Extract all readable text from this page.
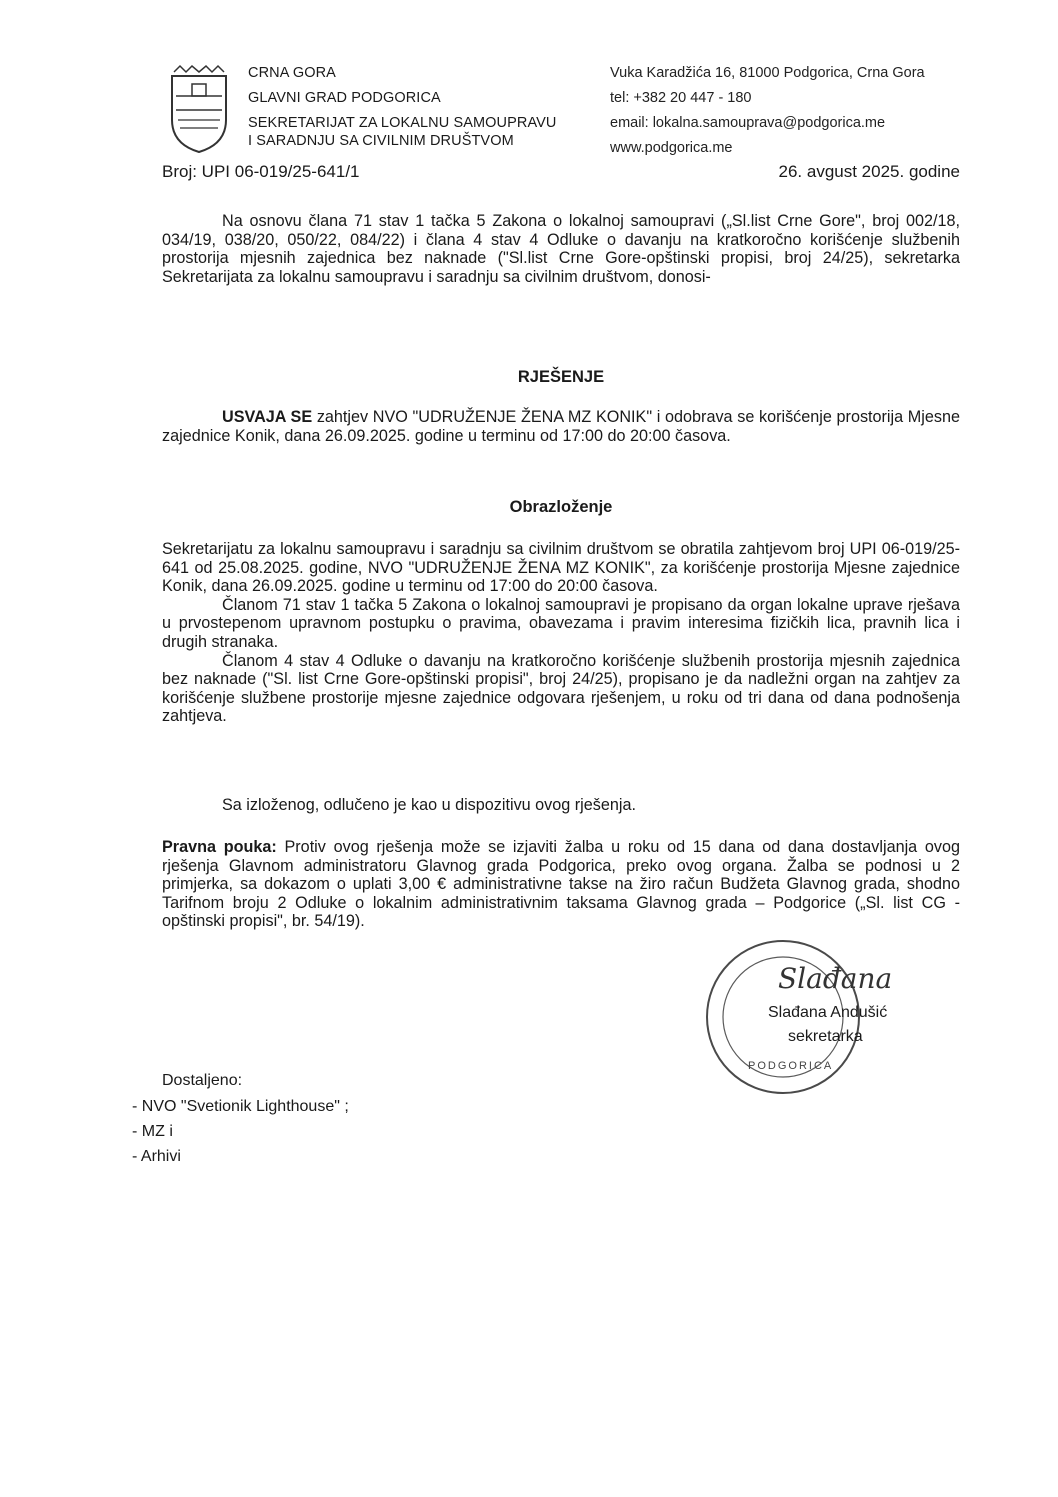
CRNA GORA
GLAVNI GRAD PODGORICA
SEKRETARIJAT ZA LOKALNU SAMOUPRAVU
I SARADNJU SA CIVILNIM DRUŠTVOM
Vuka Karadžića 16, 81000 Podgorica, Crna Gora
tel: +382 20 447 - 180
email: lokalna.samouprava@podgorica.me
www.podgorica.me
Broj: UPI 06-019/25-641/1	26. avgust 2025. godine

Na osnovu člana 71 stav 1 tačka 5 Zakona o lokalnoj samoupravi („Sl.list Crne Gore", broj 002/18, 034/19, 038/20, 050/22, 084/22) i člana 4 stav 4 Odluke o davanju na kratkoročno korišćenje službenih prostorija mjesnih zajednica bez naknade ("Sl.list Crne Gore-opštinski propisi, broj 24/25), sekretarka Sekretarijata za lokalnu samoupravu i saradnju sa civilnim društvom, donosi-

RJEŠENJE

USVAJA SE zahtjev NVO "UDRUŽENJE ŽENA MZ KONIK" i odobrava se korišćenje prostorija Mjesne zajednice Konik, dana 26.09.2025. godine u terminu od 17:00 do 20:00 časova.

Obrazloženje

Sekretarijatu za lokalnu samoupravu i saradnju sa civilnim društvom se obratila zahtjevom broj UPI 06-019/25-641 od 25.08.2025. godine, NVO "UDRUŽENJE ŽENA MZ KONIK", za korišćenje prostorija Mjesne zajednice Konik, dana 26.09.2025. godine u terminu od 17:00 do 20:00 časova.

Članom 71 stav 1 tačka 5 Zakona o lokalnoj samoupravi je propisano da organ lokalne uprave rješava u prvostepenom upravnom postupku o pravima, obavezama i pravim interesima fizičkih lica, pravnih lica i drugih stranaka.

Članom 4 stav 4 Odluke o davanju na kratkoročno korišćenje službenih prostorija mjesnih zajednica bez naknade ("Sl. list Crne Gore-opštinski propisi", broj 24/25), propisano je da nadležni organ na zahtjev za korišćenje službene prostorije mjesne zajednice odgovara rješenjem, u roku od tri dana od dana podnošenja zahtjeva.

Sa izloženog, odlučeno je kao u dispozitivu ovog rješenja.

Pravna pouka: Protiv ovog rješenja može se izjaviti žalba u roku od 15 dana od dana dostavljanja ovog rješenja Glavnom administratoru Glavnog grada Podgorica, preko ovog organa. Žalba se podnosi u 2 primjerka, sa dokazom o uplati 3,00 € administrativne takse na žiro račun Budžeta Glavnog grada, shodno Tarifnom broju 2 Odluke o lokalnim administrativnim taksama Glavnog grada – Podgorice („Sl. list CG - opštinski propisi", br. 54/19).

PODGORICA
Slađana
Slađana Andušić
sekretarka
Dostaljeno:
- NVO "Svetionik Lighthouse" ;
- MZ i
- Arhivi
